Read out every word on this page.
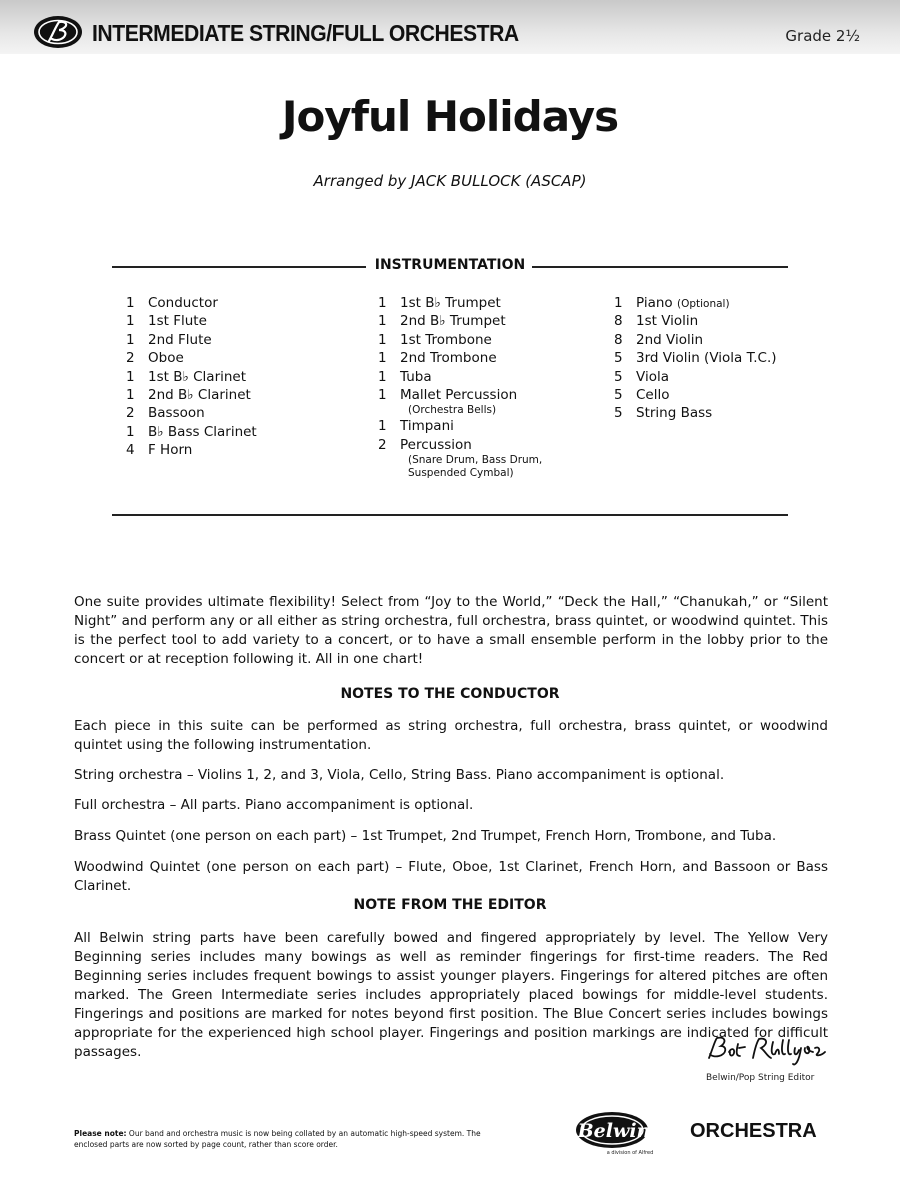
INTERMEDIATE STRING/FULL ORCHESTRA	Grade 2½
Joyful Holidays
Arranged by JACK BULLOCK (ASCAP)
INSTRUMENTATION
1 Conductor
1 1st Flute
1 2nd Flute
2 Oboe
1 1st B♭ Clarinet
1 2nd B♭ Clarinet
2 Bassoon
1 B♭ Bass Clarinet
4 F Horn
1 1st B♭ Trumpet
1 2nd B♭ Trumpet
1 1st Trombone
1 2nd Trombone
1 Tuba
1 Mallet Percussion
(Orchestra Bells)
1 Timpani
2 Percussion
(Snare Drum, Bass Drum,
Suspended Cymbal)
1 Piano (Optional)
8 1st Violin
8 2nd Violin
5 3rd Violin (Viola T.C.)
5 Viola
5 Cello
5 String Bass
One suite provides ultimate flexibility! Select from “Joy to the World,” “Deck the Hall,” “Chanukah,” or “Silent Night” and perform any or all either as string orchestra, full orchestra, brass quintet, or woodwind quintet. This is the perfect tool to add variety to a concert, or to have a small ensemble perform in the lobby prior to the concert or at reception following it. All in one chart!
NOTES TO THE CONDUCTOR
Each piece in this suite can be performed as string orchestra, full orchestra, brass quintet, or woodwind quintet using the following instrumentation.
String orchestra – Violins 1, 2, and 3, Viola, Cello, String Bass. Piano accompaniment is optional.
Full orchestra – All parts. Piano accompaniment is optional.
Brass Quintet (one person on each part) – 1st Trumpet, 2nd Trumpet, French Horn, Trombone, and Tuba.
Woodwind Quintet (one person on each part) – Flute, Oboe, 1st Clarinet, French Horn, and Bassoon or Bass Clarinet.
NOTE FROM THE EDITOR
All Belwin string parts have been carefully bowed and fingered appropriately by level. The Yellow Very Beginning series includes many bowings as well as reminder fingerings for first-time readers. The Red Beginning series includes frequent bowings to assist younger players. Fingerings for altered pitches are often marked. The Green Intermediate series includes appropriately placed bowings for middle-level students. Fingerings and positions are marked for notes beyond first position. The Blue Concert series includes bowings appropriate for the experienced high school player. Fingerings and position markings are indicated for difficult passages.
Belwin/Pop String Editor
Please note: Our band and orchestra music is now being collated by an automatic high-speed system. The enclosed parts are now sorted by page count, rather than score order.
Belwin
a division of Alfred
ORCHESTRA
